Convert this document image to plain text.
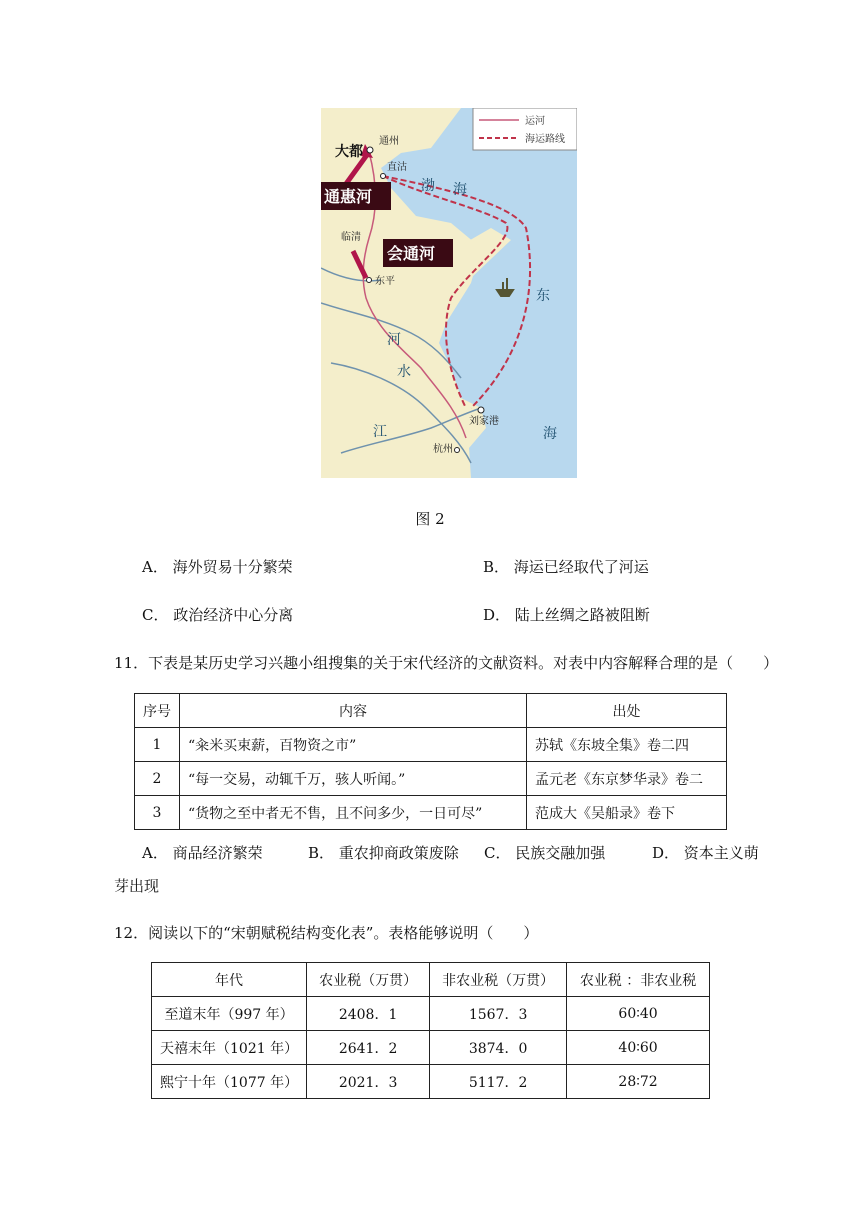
运河
海运路线
大都
通州
直沽
通惠河
会通河
临清
东平
渤 海
东
河
水
江
刘家港
杭州
海
图 2
A． 海外贸易十分繁荣	B． 海运已经取代了河运
C． 政治经济中心分离	D． 陆上丝绸之路被阻断
11．下表是某历史学习兴趣小组搜集的关于宋代经济的文献资料。对表中内容解释合理的是（　　）
序号	内容	出处
1	“籴米买束薪，百物资之市”	苏轼《东坡全集》卷二四
2	“每一交易，动辄千万，骇人听闻。”	孟元老《东京梦华录》卷二
3	“货物之至中者无不售，且不问多少，一日可尽”	范成大《吴船录》卷下
A． 商品经济繁荣	B． 重农抑商政策废除 C． 民族交融加强	D． 资本主义萌
芽出现
12．阅读以下的“宋朝赋税结构变化表”。表格能够说明（　　）
年代	农业税（万贯）	非农业税（万贯）	农业税 ：非农业税
至道末年（997 年）	2408．1	1567．3	60∶40
天禧末年（1021 年）	2641．2	3874．0	40∶60
熙宁十年（1077 年）	2021．3	5117．2	28∶72
